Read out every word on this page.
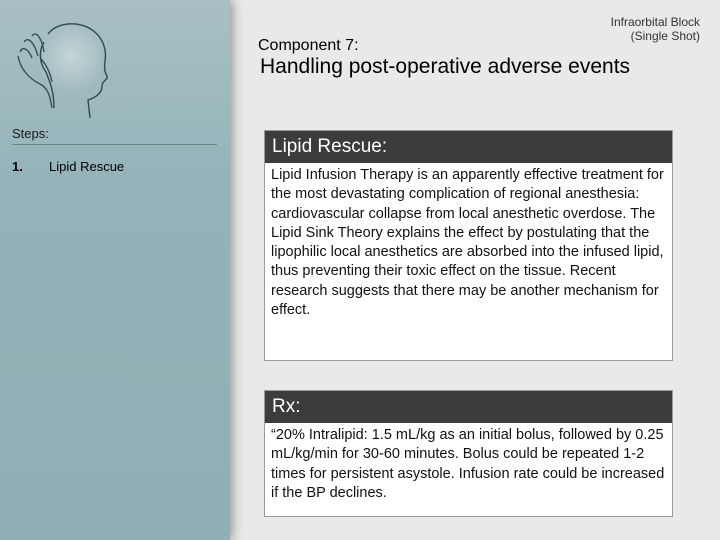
Steps:
1. Lipid Rescue
Infraorbital Block
(Single Shot)
Component 7:
Handling post-operative adverse events
Lipid Rescue:
Lipid Infusion Therapy is an apparently effective treatment for the most devastating complication of regional anesthesia: cardiovascular collapse from local anesthetic overdose. The Lipid Sink Theory explains the effect by postulating that the lipophilic local anesthetics are absorbed into the infused lipid, thus preventing their toxic effect on the tissue. Recent research suggests that there may be another mechanism for effect.
Rx:
“20% Intralipid: 1.5 mL/kg as an initial bolus, followed by 0.25 mL/kg/min for 30-60 minutes. Bolus could be repeated 1-2 times for persistent asystole. Infusion rate could be increased if the BP declines.
